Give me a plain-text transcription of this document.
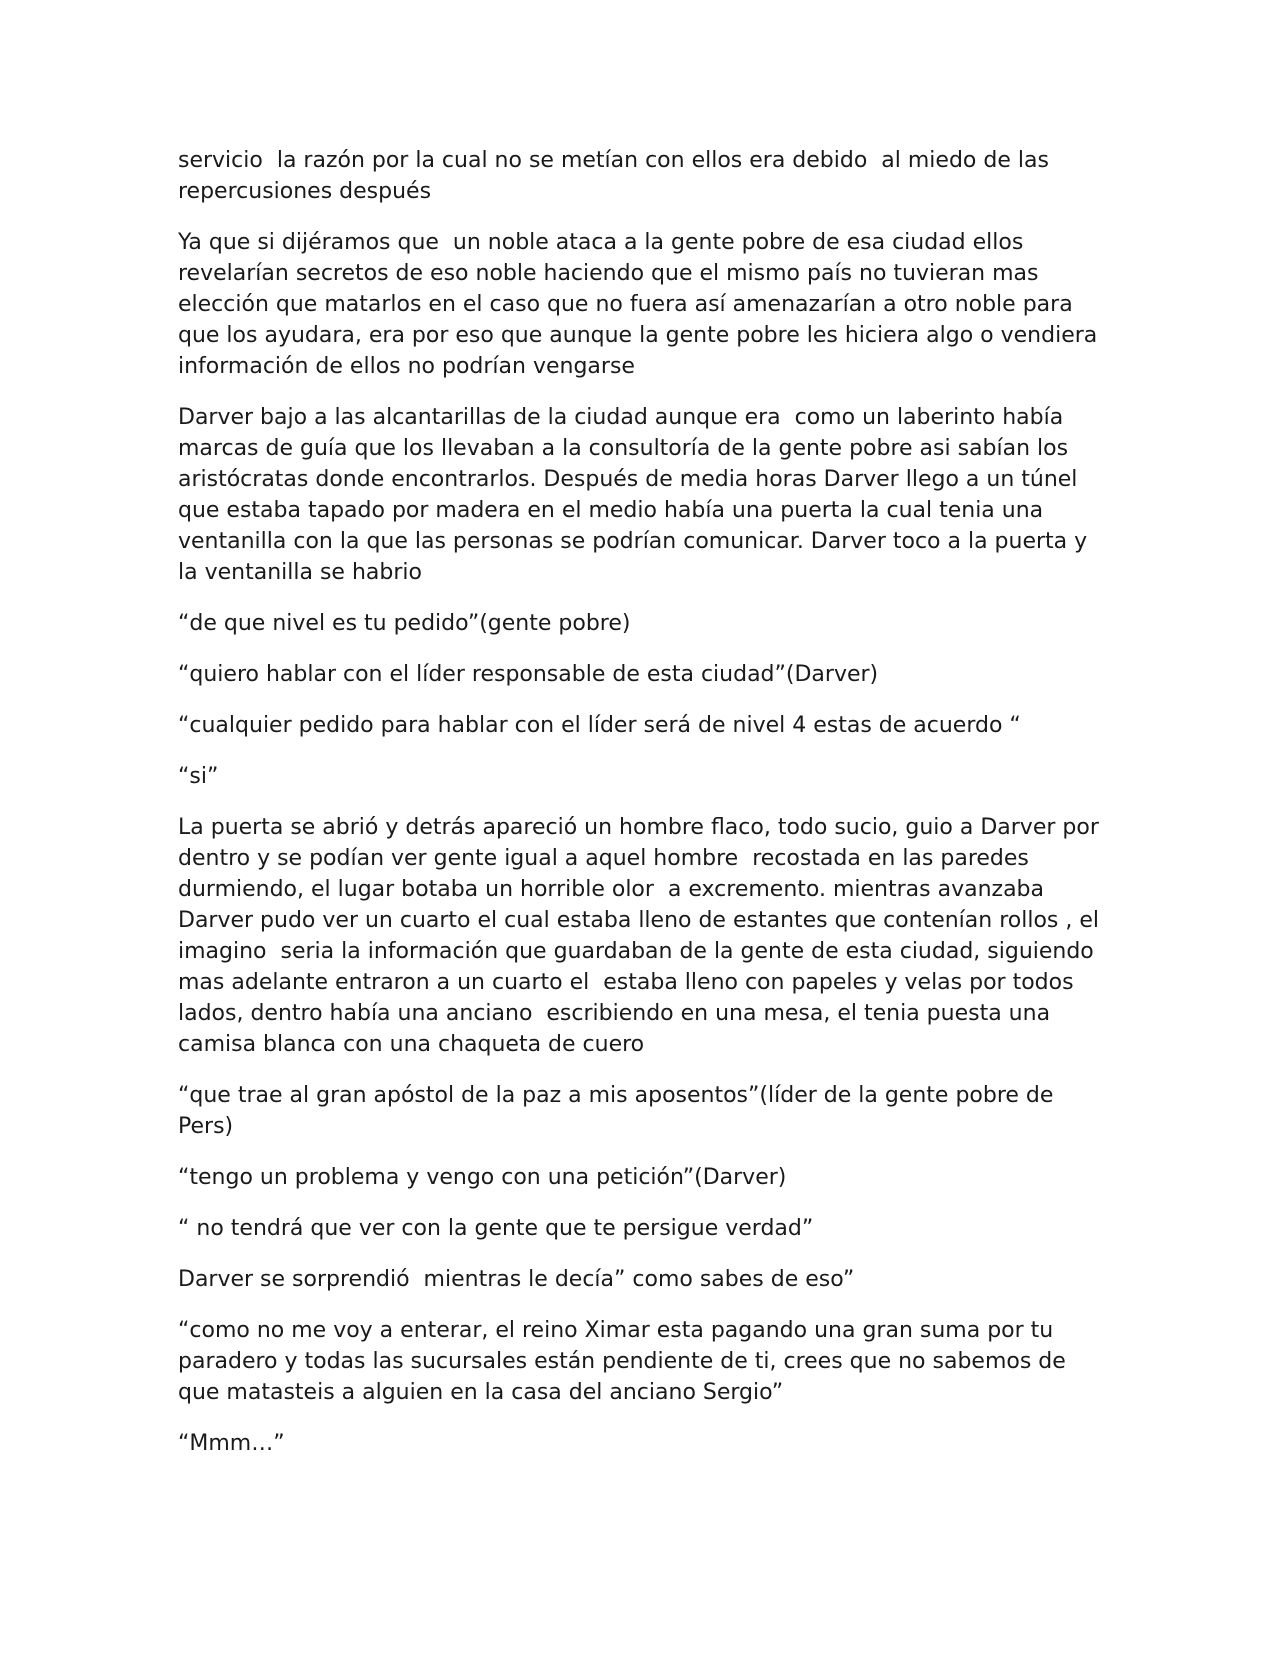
servicio  la razón por la cual no se metían con ellos era debido  al miedo de las repercusiones después

Ya que si dijéramos que  un noble ataca a la gente pobre de esa ciudad ellos revelarían secretos de eso noble haciendo que el mismo país no tuvieran mas elección que matarlos en el caso que no fuera así amenazarían a otro noble para que los ayudara, era por eso que aunque la gente pobre les hiciera algo o vendiera información de ellos no podrían vengarse

Darver bajo a las alcantarillas de la ciudad aunque era  como un laberinto había marcas de guía que los llevaban a la consultoría de la gente pobre asi sabían los aristócratas donde encontrarlos. Después de media horas Darver llego a un túnel que estaba tapado por madera en el medio había una puerta la cual tenia una ventanilla con la que las personas se podrían comunicar. Darver toco a la puerta y  la ventanilla se habrio

“de que nivel es tu pedido”(gente pobre)

“quiero hablar con el líder responsable de esta ciudad”(Darver)

“cualquier pedido para hablar con el líder será de nivel 4 estas de acuerdo “

“si”

La puerta se abrió y detrás apareció un hombre flaco, todo sucio, guio a Darver por dentro y se podían ver gente igual a aquel hombre  recostada en las paredes durmiendo, el lugar botaba un horrible olor  a excremento. mientras avanzaba Darver pudo ver un cuarto el cual estaba lleno de estantes que contenían rollos , el imagino  seria la información que guardaban de la gente de esta ciudad, siguiendo mas adelante entraron a un cuarto el  estaba lleno con papeles y velas por todos lados, dentro había una anciano  escribiendo en una mesa, el tenia puesta una camisa blanca con una chaqueta de cuero

“que trae al gran apóstol de la paz a mis aposentos”(líder de la gente pobre de Pers)

“tengo un problema y vengo con una petición”(Darver)

“ no tendrá que ver con la gente que te persigue verdad”

Darver se sorprendió  mientras le decía” como sabes de eso”

“como no me voy a enterar, el reino Ximar esta pagando una gran suma por tu paradero y todas las sucursales están pendiente de ti, crees que no sabemos de que matasteis a alguien en la casa del anciano Sergio”

“Mmm…”
